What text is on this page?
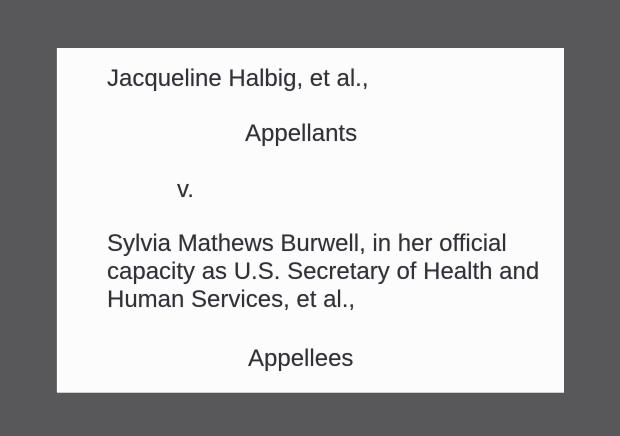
Jacqueline Halbig, et al.,
Appellants
v.
Sylvia Mathews Burwell, in her official
capacity as U.S. Secretary of Health and
Human Services, et al.,
Appellees
